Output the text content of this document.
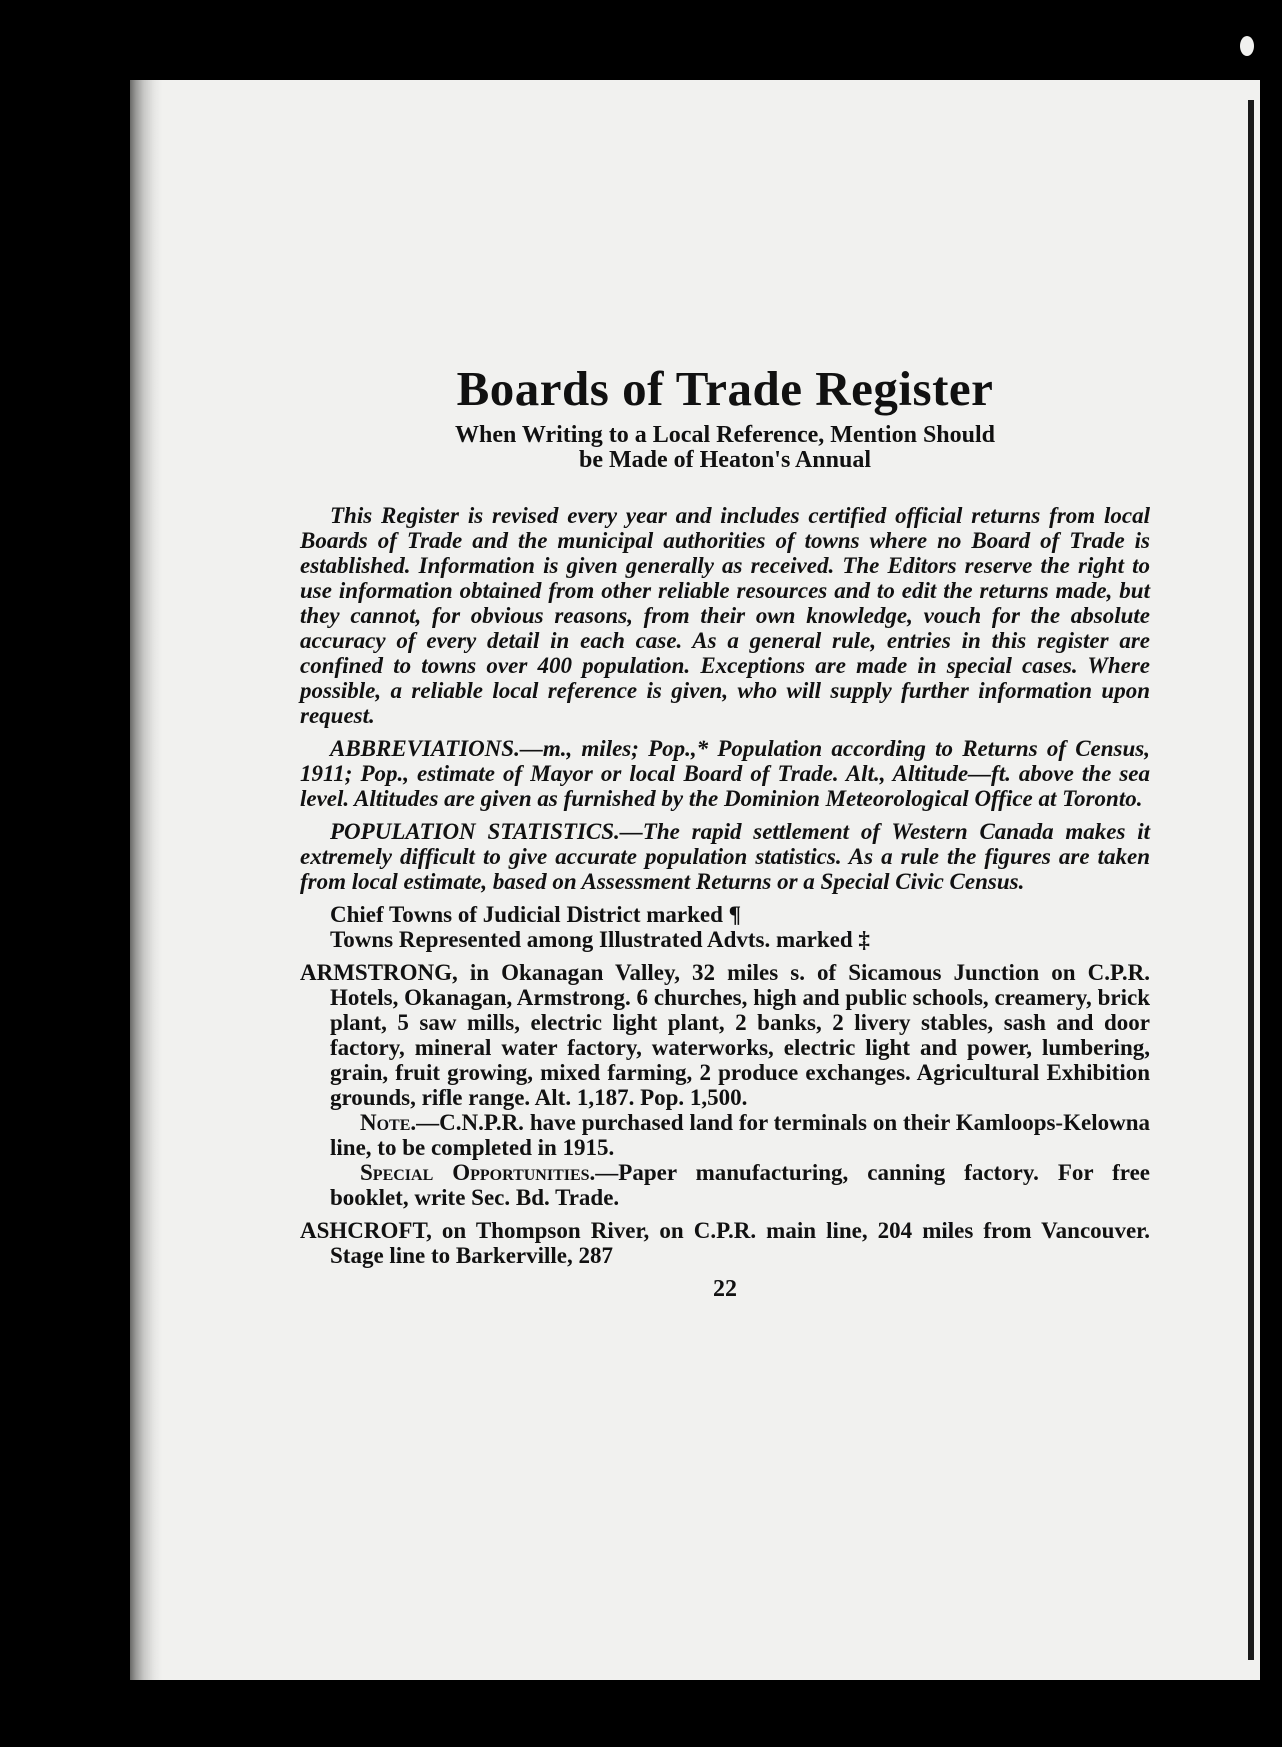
Boards of Trade Register
When Writing to a Local Reference, Mention Should
be Made of Heaton's Annual

This Register is revised every year and includes certified official returns from local Boards of Trade and the municipal authorities of towns where no Board of Trade is established. Information is given generally as received. The Editors reserve the right to use information obtained from other reliable resources and to edit the returns made, but they cannot, for obvious reasons, from their own knowledge, vouch for the absolute accuracy of every detail in each case. As a general rule, entries in this register are confined to towns over 400 population. Exceptions are made in special cases. Where possible, a reliable local reference is given, who will supply further information upon request.

ABBREVIATIONS.—m., miles; Pop.,* Population according to Returns of Census, 1911; Pop., estimate of Mayor or local Board of Trade. Alt., Altitude—ft. above the sea level. Altitudes are given as furnished by the Dominion Meteorological Office at Toronto.

POPULATION STATISTICS.—The rapid settlement of Western Canada makes it extremely difficult to give accurate population statistics. As a rule the figures are taken from local estimate, based on Assessment Returns or a Special Civic Census.

Chief Towns of Judicial District marked ¶

Towns Represented among Illustrated Advts. marked ‡

ARMSTRONG, in Okanagan Valley, 32 miles s. of Sicamous Junction on C.P.R. Hotels, Okanagan, Armstrong. 6 churches, high and public schools, creamery, brick plant, 5 saw mills, electric light plant, 2 banks, 2 livery stables, sash and door factory, mineral water factory, waterworks, electric light and power, lumbering, grain, fruit growing, mixed farming, 2 produce exchanges. Agricultural Exhibition grounds, rifle range. Alt. 1,187. Pop. 1,500.

Note.—C.N.P.R. have purchased land for terminals on their Kamloops-Kelowna line, to be completed in 1915.

Special Opportunities.—Paper manufacturing, canning factory. For free booklet, write Sec. Bd. Trade.

ASHCROFT, on Thompson River, on C.P.R. main line, 204 miles from Vancouver. Stage line to Barkerville, 287

22
